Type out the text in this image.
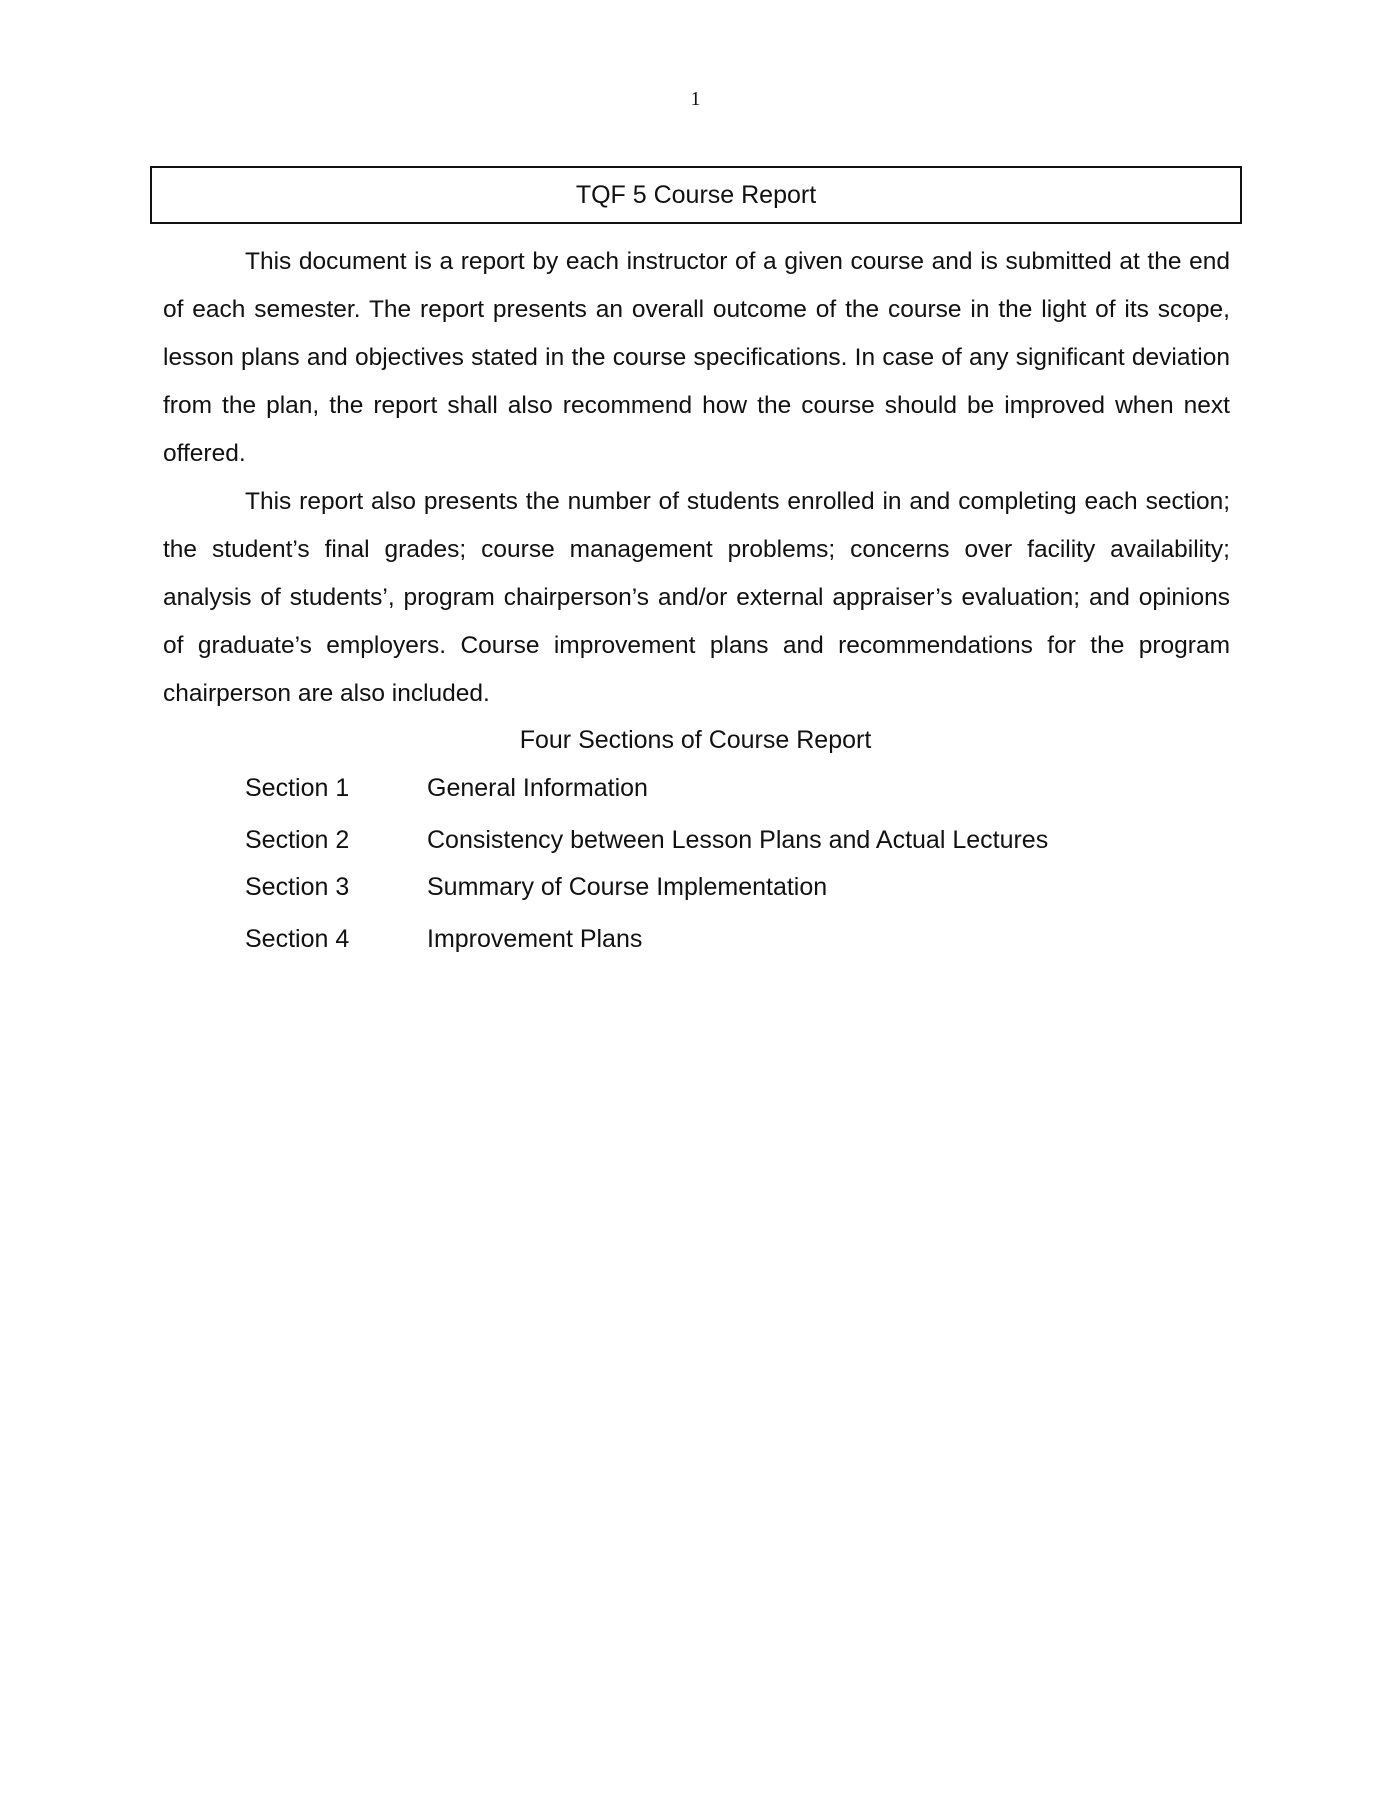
1
TQF 5 Course Report

This document is a report by each instructor of a given course and is submitted at the end of each semester. The report presents an overall outcome of the course in the light of its scope, lesson plans and objectives stated in the course specifications. In case of any significant deviation from the plan, the report shall also recommend how the course should be improved when next offered.

This report also presents the number of students enrolled in and completing each section; the student’s final grades; course management problems; concerns over facility availability; analysis of students’, program chairperson’s and/or external appraiser’s evaluation; and opinions of graduate’s employers. Course improvement plans and recommendations for the program chairperson are also included.

Four Sections of Course Report
Section 1	General Information
Section 2	Consistency between Lesson Plans and Actual Lectures
Section 3	Summary of Course Implementation
Section 4	Improvement Plans
